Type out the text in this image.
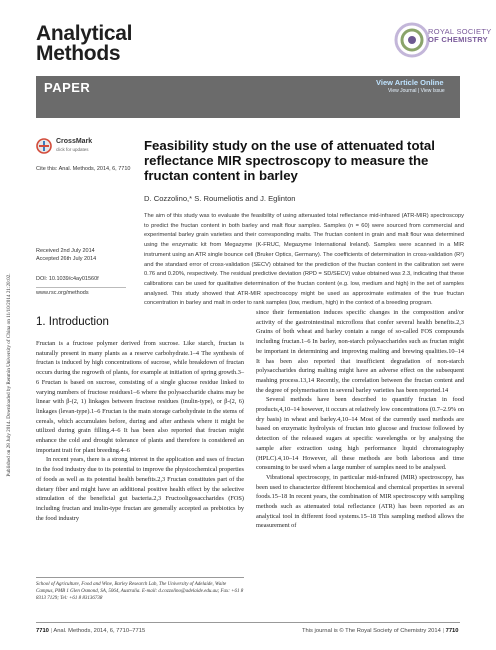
Analytical
Methods
ROYAL SOCIETY
OF CHEMISTRY
PAPER	View Article Online
View Journal | View Issue
Published on 28 July 2014. Downloaded by Renmin University of China on 11/10/2014 21:20:02.
CrossMark
click for updates
Cite this: Anal. Methods, 2014, 6, 7710
Feasibility study on the use of attenuated total reflectance MIR spectroscopy to measure the fructan content in barley
D. Cozzolino,* S. Roumeliotis and J. Eglinton
The aim of this study was to evaluate the feasibility of using attenuated total reflectance mid-infrared (ATR-MIR) spectroscopy to predict the fructan content in both barley and malt flour samples. Samples (n = 60) were sourced from commercial and experimental barley grain varieties and their corresponding malts. The fructan content in grain and malt flour was determined using the enzymatic kit from Megazyme (K-FRUC, Megazyme International Ireland). Samples were scanned in a MIR instrument using an ATR single bounce cell (Bruker Optics, Germany). The coefficients of determination in cross-validation (R²) and the standard error of cross-validation (SECV) obtained for the prediction of the fructan content in the calibration set were 0.76 and 0.20%, respectively. The residual predictive deviation (RPD = SD/SECV) value obtained was 2.3, indicating that these calibrations can be used for qualitative determination of the fructan content (e.g. low, medium and high) in the set of samples analysed. This study showed that ATR-MIR spectroscopy might be used as approximate estimates of the true fructan concentration in barley and malt in order to rank samples (low, medium, high) in the context of a breeding program.
Received 2nd July 2014
Accepted 26th July 2014
DOI: 10.1039/c4ay01560f
www.rsc.org/methods
1. Introduction

Fructan is a fructose polymer derived from sucrose. Like starch, fructan is naturally present in many plants as a reserve carbohydrate.1–4 The synthesis of fructan is induced by high concentrations of sucrose, while breakdown of fructan occurs during the regrowth of plants, for example at initiation of spring growth.3–6 Fructan is based on sucrose, consisting of a single glucose residue linked to varying numbers of fructose residues1–6 where the polysaccharide chains may be linear with β-(2, 1) linkages between fructose residues (inulin-type), or β-(2, 6) linkages (levan-type).1–6 Fructan is the main storage carbohydrate in the stems of cereals, which accumulates before, during and after anthesis where it might be utilized during grain filling.4–6 It has been also reported that fructan might enhance the cold and drought tolerance of plants and therefore is considered an important trait for plant breeding.4–6

In recent years, there is a strong interest in the application and uses of fructan in the food industry due to its potential to improve the physicochemical properties of foods as well as its potential health benefits.2,3 Fructan constitutes part of the dietary fiber and might have an additional positive health effect by the selective stimulation of the beneficial gut bacteria.2,3 Fructooligosaccharides (FOS) including fructan and inulin-type fructan are generally accepted as prebiotics by the food industry

since their fermentation induces specific changes in the composition and/or activity of the gastrointestinal microflora that confer several health benefits.2,3 Grains of both wheat and barley contain a range of so-called FOS compounds including fructan.1–6 In barley, non-starch polysaccharides such as fructan might be important in determining and improving malting and brewing qualities.10–14 It has been also reported that insufficient degradation of non-starch polysaccharides during malting might have an adverse effect on the subsequent mashing process.13,14 Recently, the correlation between the fructan content and the degree of polymerisation in several barley varieties has been reported.14

Several methods have been described to quantify fructan in food products,4,10–14 however, it occurs at relatively low concentrations (0.7–2.9% on dry basis) in wheat and barley.4,10–14 Most of the currently used methods are based on enzymatic hydrolysis of fructan into glucose and fructose followed by detection of the released sugars at specific wavelengths or by analysing the sample after extraction using high performance liquid chromatography (HPLC).4,10–14 However, all these methods are both laborious and time consuming to be used when a large number of samples need to be analysed.

Vibrational spectroscopy, in particular mid-infrared (MIR) spectroscopy, has been used to characterize different biochemical and chemical properties in several foods.15–18 In recent years, the combination of MIR spectroscopy with sampling methods such as attenuated total reflectance (ATR) has been reported as an analytical tool in different food systems.15–18 This sampling method allows the measurement of

School of Agriculture, Food and Wine, Barley Research Lab, The University of Adelaide, Waite Campus, PMB 1 Glen Osmond, SA, 5064, Australia. E-mail: d.cozzolino@adelaide.edu.au; Fax: +61 8 8313 7129; Tel: +61 8 83136738
7710 | Anal. Methods, 2014, 6, 7710–7715	This journal is © The Royal Society of Chemistry 2014 | 7710
